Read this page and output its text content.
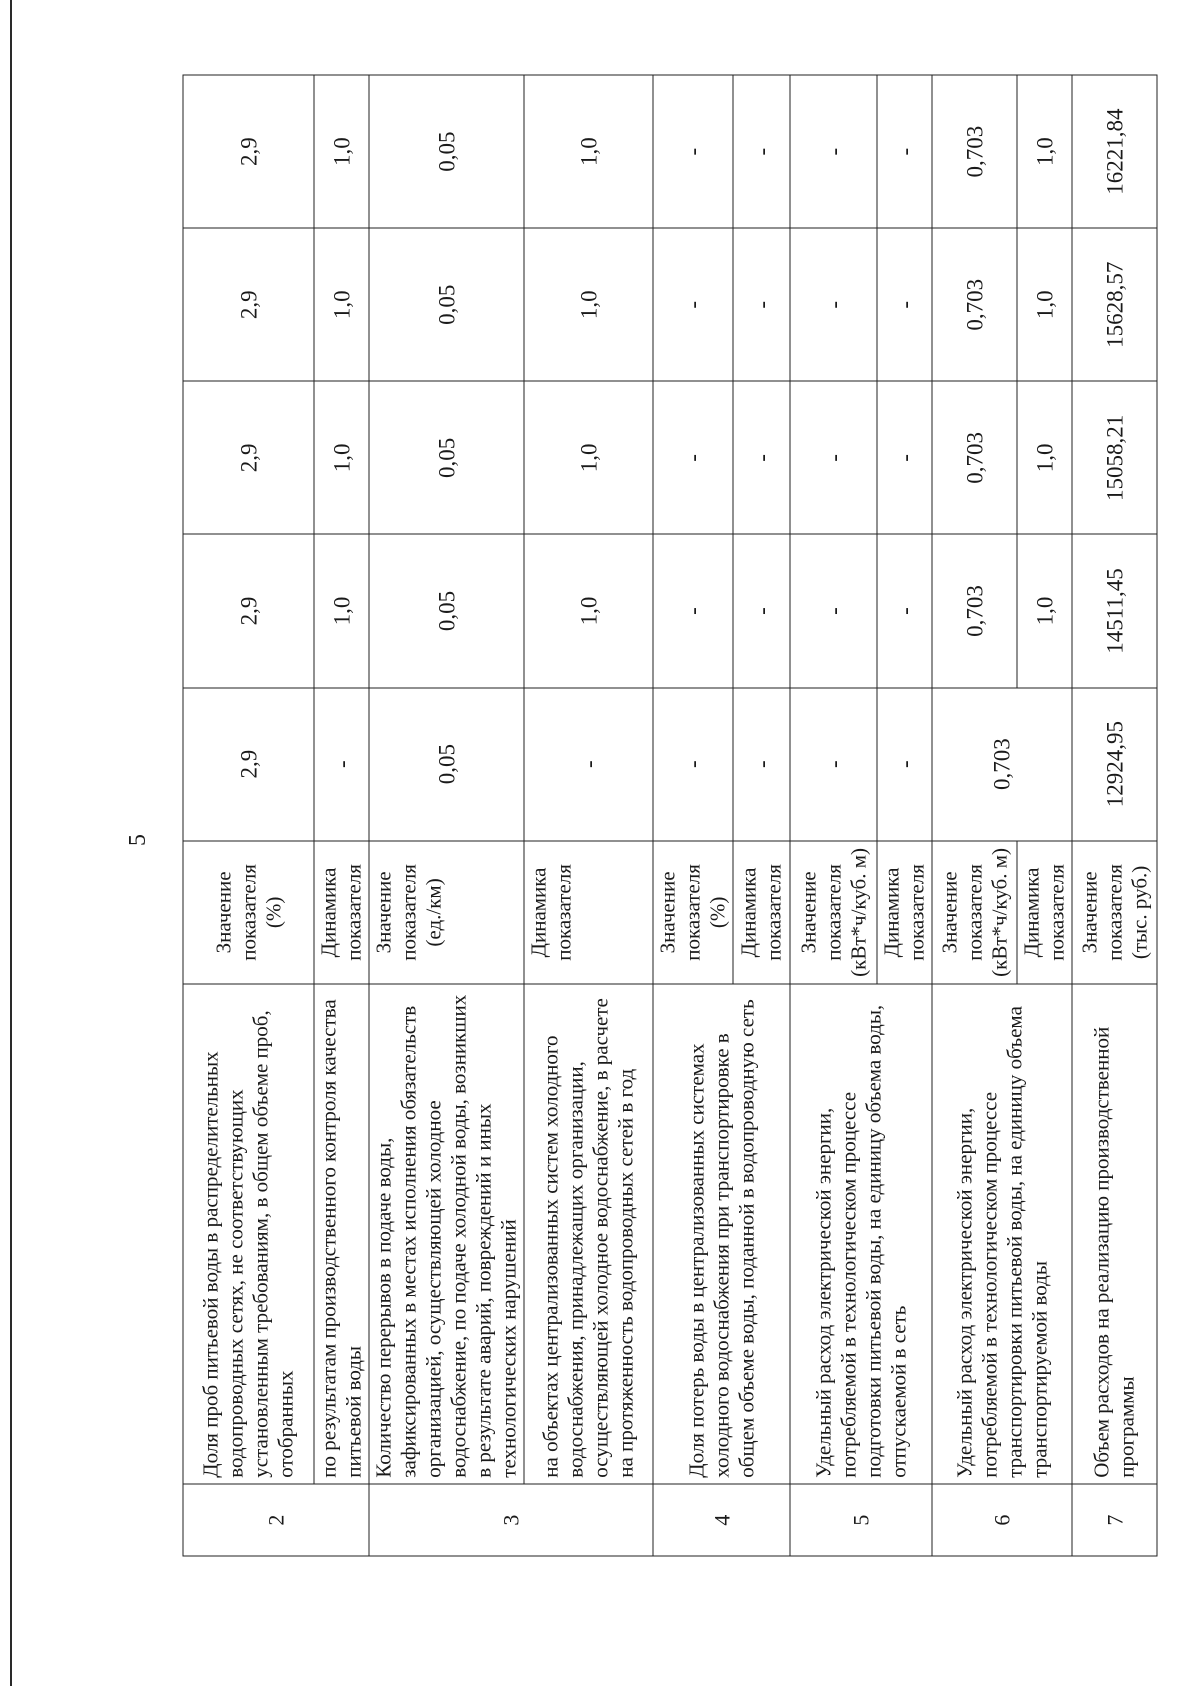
5
2	Доля проб питьевой воды в распределительных водопроводных сетях, не соответствующих установленным требованиям, в общем объеме проб, отобранных	Значение показателя (%)	2,9	2,9	2,9	2,9	2,9
	по результатам производственного контроля качества питьевой воды	Динамика показателя	-	1,0	1,0	1,0	1,0
3	Количество перерывов в подаче воды, зафиксированных в местах исполнения обязательств организацией, осуществляющей холодное водоснабжение, по подаче холодной воды, возникших в результате аварий, повреждений и иных технологических нарушений	Значение показателя (ед./км)	0,05	0,05	0,05	0,05	0,05
	на объектах централизованных систем холодного водоснабжения, принадлежащих организации, осуществляющей холодное водоснабжение, в расчете на протяженность водопроводных сетей в год	Динамика показателя	-	1,0	1,0	1,0	1,0
4	Доля потерь воды в централизованных системах холодного водоснабжения при транспортировке в общем объеме воды, поданной в водопроводную сеть	Значение показателя (%)	-	-	-	-	-
		Динамика показателя	-	-	-	-	-
5	Удельный расход электрической энергии, потребляемой в технологическом процессе подготовки питьевой воды, на единицу объема воды, отпускаемой в сеть	Значение показателя (кВт*ч/куб. м)	-	-	-	-	-
		Динамика показателя	-	-	-	-	-
6	Удельный расход электрической энергии, потребляемой в технологическом процессе транспортировки питьевой воды, на единицу объема транспортируемой воды	Значение показателя (кВт*ч/куб. м)	0,703	0,703	0,703	0,703	0,703
		Динамика показателя		1,0	1,0	1,0	1,0
7	Объем расходов на реализацию производственной программы	Значение показателя (тыс. руб.)	12924,95	14511,45	15058,21	15628,57	16221,84
